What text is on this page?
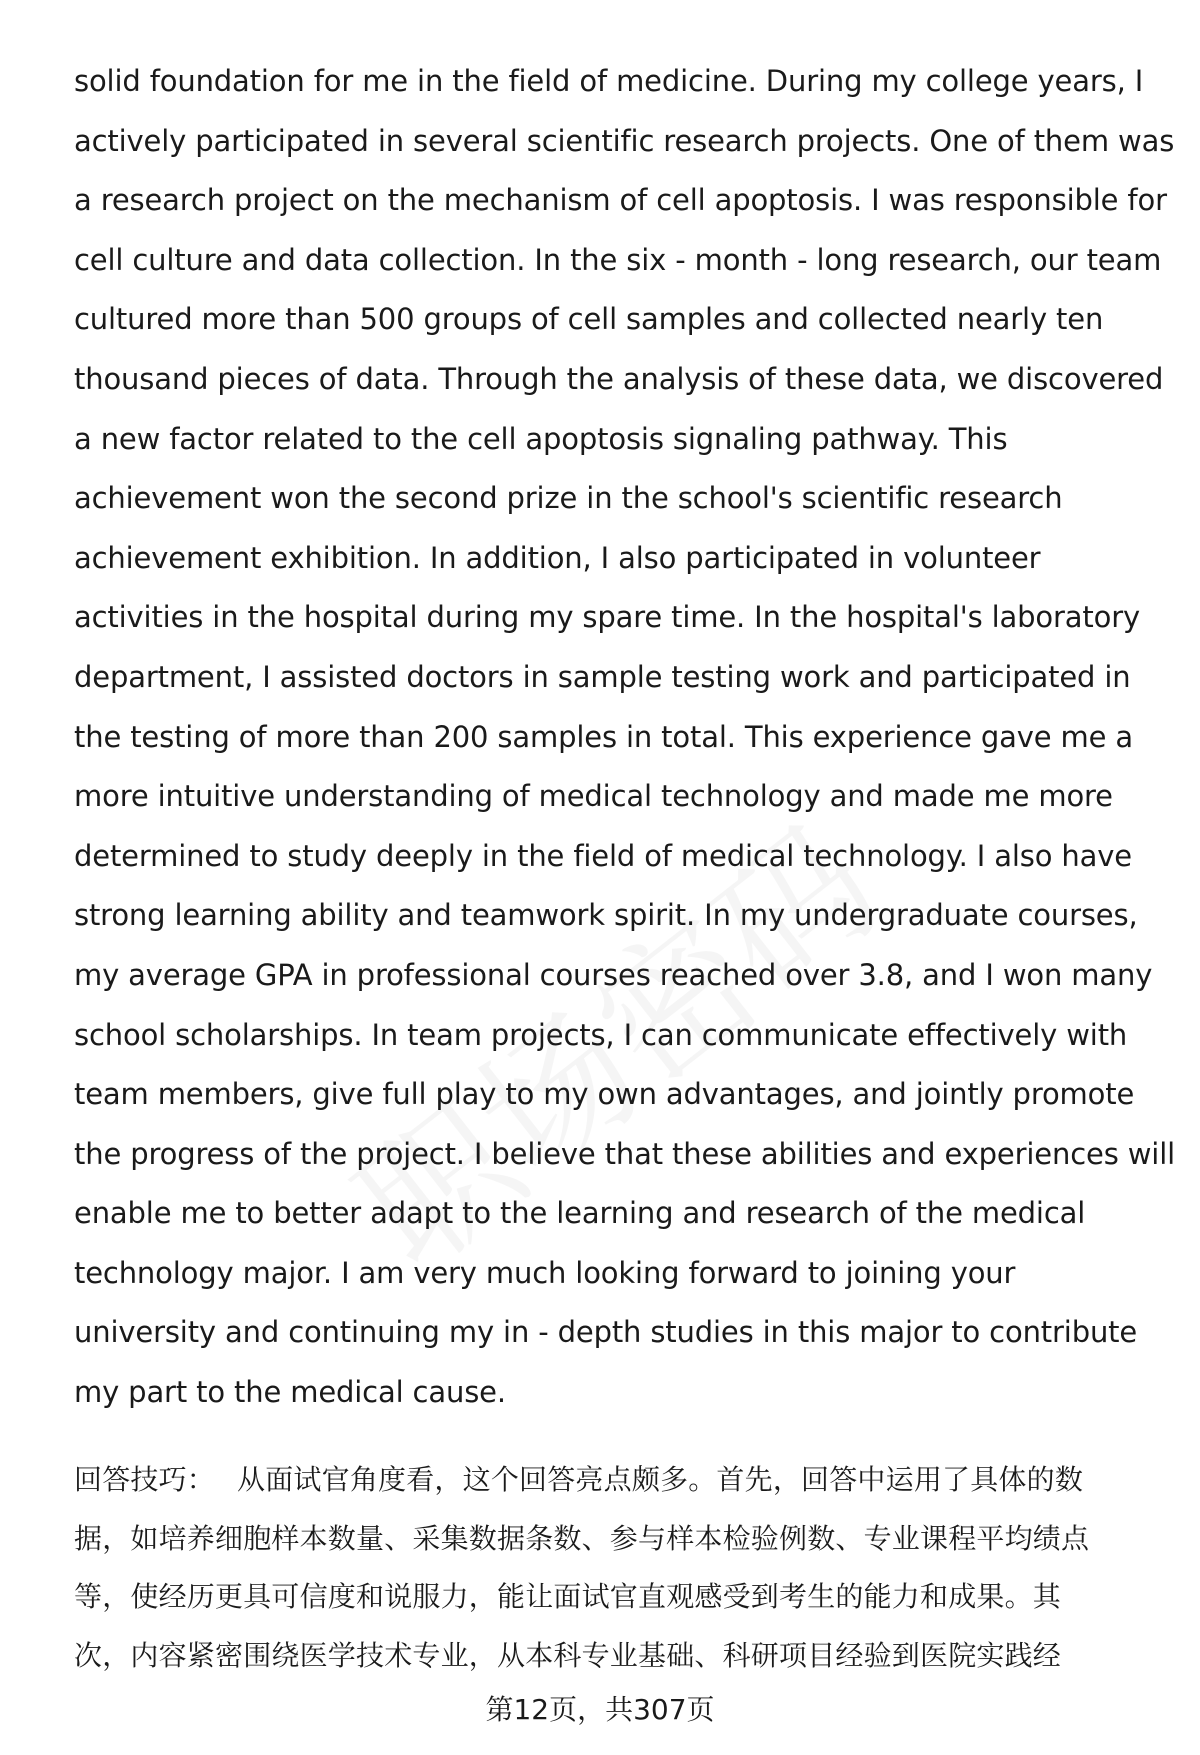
solid foundation for me in the field of medicine. During my college years, I
actively participated in several scientific research projects. One of them was
a research project on the mechanism of cell apoptosis. I was responsible for
cell culture and data collection. In the six - month - long research, our team
cultured more than 500 groups of cell samples and collected nearly ten
thousand pieces of data. Through the analysis of these data, we discovered
a new factor related to the cell apoptosis signaling pathway. This
achievement won the second prize in the school's scientific research
achievement exhibition. In addition, I also participated in volunteer
activities in the hospital during my spare time. In the hospital's laboratory
department, I assisted doctors in sample testing work and participated in
the testing of more than 200 samples in total. This experience gave me a
more intuitive understanding of medical technology and made me more
determined to study deeply in the field of medical technology. I also have
strong learning ability and teamwork spirit. In my undergraduate courses,
my average GPA in professional courses reached over 3.8, and I won many
school scholarships. In team projects, I can communicate effectively with
team members, give full play to my own advantages, and jointly promote
the progress of the project. I believe that these abilities and experiences will
enable me to better adapt to the learning and research of the medical
technology major. I am very much looking forward to joining your
university and continuing my in - depth studies in this major to contribute
my part to the medical cause.
回答技巧： 从面试官角度看，这个回答亮点颇多。首先，回答中运用了具体的数
据，如培养细胞样本数量、采集数据条数、参与样本检验例数、专业课程平均绩点
等，使经历更具可信度和说服力，能让面试官直观感受到考生的能力和成果。其
次，内容紧密围绕医学技术专业，从本科专业基础、科研项目经验到医院实践经
第12页，共307页
